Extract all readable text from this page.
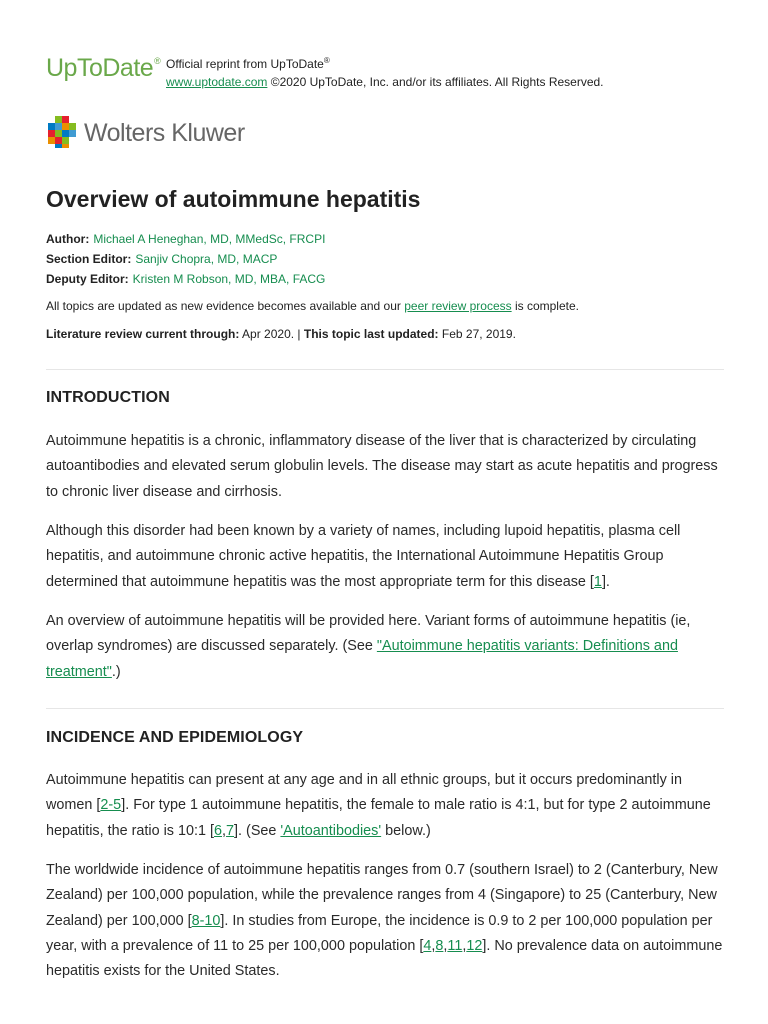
UpToDate® Official reprint from UpToDate®
www.uptodate.com ©2020 UpToDate, Inc. and/or its affiliates. All Rights Reserved.
Wolters Kluwer
Overview of autoimmune hepatitis
Author: Michael A Heneghan, MD, MMedSc, FRCPI
Section Editor: Sanjiv Chopra, MD, MACP
Deputy Editor: Kristen M Robson, MD, MBA, FACG
All topics are updated as new evidence becomes available and our peer review process is complete.
Literature review current through: Apr 2020. | This topic last updated: Feb 27, 2019.
INTRODUCTION

Autoimmune hepatitis is a chronic, inflammatory disease of the liver that is characterized by circulating autoantibodies and elevated serum globulin levels. The disease may start as acute hepatitis and progress to chronic liver disease and cirrhosis.

Although this disorder had been known by a variety of names, including lupoid hepatitis, plasma cell hepatitis, and autoimmune chronic active hepatitis, the International Autoimmune Hepatitis Group determined that autoimmune hepatitis was the most appropriate term for this disease [1].

An overview of autoimmune hepatitis will be provided here. Variant forms of autoimmune hepatitis (ie, overlap syndromes) are discussed separately. (See "Autoimmune hepatitis variants: Definitions and treatment".)

INCIDENCE AND EPIDEMIOLOGY

Autoimmune hepatitis can present at any age and in all ethnic groups, but it occurs predominantly in women [2-5]. For type 1 autoimmune hepatitis, the female to male ratio is 4:1, but for type 2 autoimmune hepatitis, the ratio is 10:1 [6,7]. (See 'Autoantibodies' below.)

The worldwide incidence of autoimmune hepatitis ranges from 0.7 (southern Israel) to 2 (Canterbury, New Zealand) per 100,000 population, while the prevalence ranges from 4 (Singapore) to 25 (Canterbury, New Zealand) per 100,000 [8-10]. In studies from Europe, the incidence is 0.9 to 2 per 100,000 population per year, with a prevalence of 11 to 25 per 100,000 population [4,8,11,12]. No prevalence data on autoimmune hepatitis exists for the United States.
